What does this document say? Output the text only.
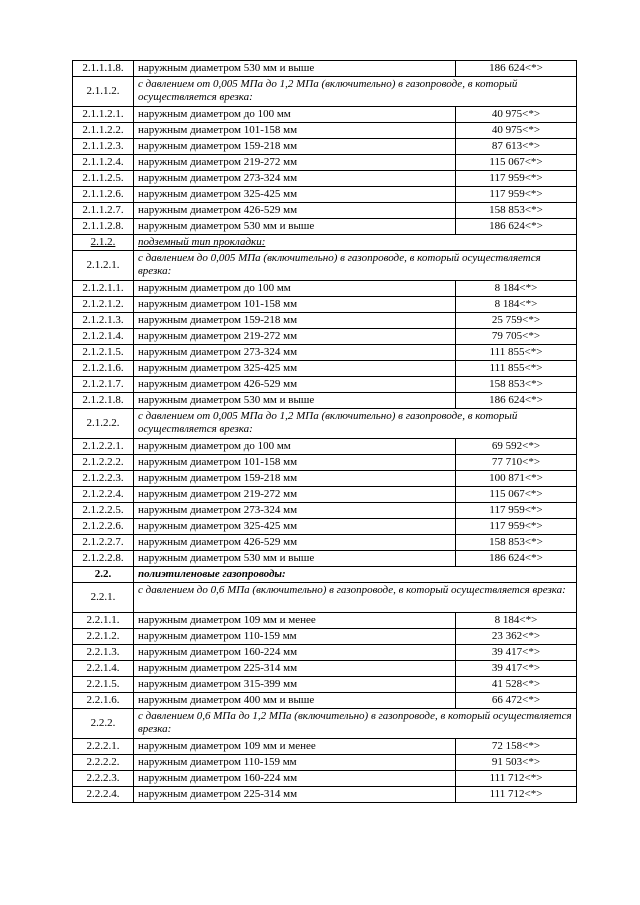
2.1.1.1.8.	наружным диаметром 530 мм и выше	186 624<*>
2.1.1.2.	с давлением от 0,005 МПа до 1,2 МПа (включительно) в газопроводе, в который осуществляется врезка:	
2.1.1.2.1.	наружным диаметром до 100 мм	40 975<*>
2.1.1.2.2.	наружным диаметром 101-158 мм	40 975<*>
2.1.1.2.3.	наружным диаметром 159-218 мм	87 613<*>
2.1.1.2.4.	наружным диаметром 219-272 мм	115 067<*>
2.1.1.2.5.	наружным диаметром 273-324 мм	117 959<*>
2.1.1.2.6.	наружным диаметром 325-425 мм	117 959<*>
2.1.1.2.7.	наружным диаметром 426-529 мм	158 853<*>
2.1.1.2.8.	наружным диаметром 530 мм и выше	186 624<*>
2.1.2.	подземный тип прокладки:	
2.1.2.1.	с давлением до 0,005 МПа (включительно) в газопроводе, в который осуществляется врезка:	
2.1.2.1.1.	наружным диаметром до 100 мм	8 184<*>
2.1.2.1.2.	наружным диаметром 101-158 мм	8 184<*>
2.1.2.1.3.	наружным диаметром 159-218 мм	25 759<*>
2.1.2.1.4.	наружным диаметром 219-272 мм	79 705<*>
2.1.2.1.5.	наружным диаметром 273-324 мм	111 855<*>
2.1.2.1.6.	наружным диаметром 325-425 мм	111 855<*>
2.1.2.1.7.	наружным диаметром 426-529 мм	158 853<*>
2.1.2.1.8.	наружным диаметром 530 мм и выше	186 624<*>
2.1.2.2.	с давлением от 0,005 МПа до 1,2 МПа (включительно) в газопроводе, в который осуществляется врезка:	
2.1.2.2.1.	наружным диаметром до 100 мм	69 592<*>
2.1.2.2.2.	наружным диаметром 101-158 мм	77 710<*>
2.1.2.2.3.	наружным диаметром 159-218 мм	100 871<*>
2.1.2.2.4.	наружным диаметром 219-272 мм	115 067<*>
2.1.2.2.5.	наружным диаметром 273-324 мм	117 959<*>
2.1.2.2.6.	наружным диаметром 325-425 мм	117 959<*>
2.1.2.2.7.	наружным диаметром 426-529 мм	158 853<*>
2.1.2.2.8.	наружным диаметром 530 мм и выше	186 624<*>
2.2.	полиэтиленовые газопроводы:	
2.2.1.	с давлением до 0,6 МПа (включительно) в газопроводе, в который осуществляется врезка:	
2.2.1.1.	наружным диаметром 109 мм и менее	8 184<*>
2.2.1.2.	наружным диаметром 110-159 мм	23 362<*>
2.2.1.3.	наружным диаметром 160-224 мм	39 417<*>
2.2.1.4.	наружным диаметром 225-314 мм	39 417<*>
2.2.1.5.	наружным диаметром 315-399 мм	41 528<*>
2.2.1.6.	наружным диаметром 400 мм и выше	66 472<*>
2.2.2.	с давлением 0,6 МПа до 1,2 МПа (включительно) в газопроводе, в который осуществляется врезка:	
2.2.2.1.	наружным диаметром 109 мм и менее	72 158<*>
2.2.2.2.	наружным диаметром 110-159 мм	91 503<*>
2.2.2.3.	наружным диаметром 160-224 мм	111 712<*>
2.2.2.4.	наружным диаметром 225-314 мм	111 712<*>
